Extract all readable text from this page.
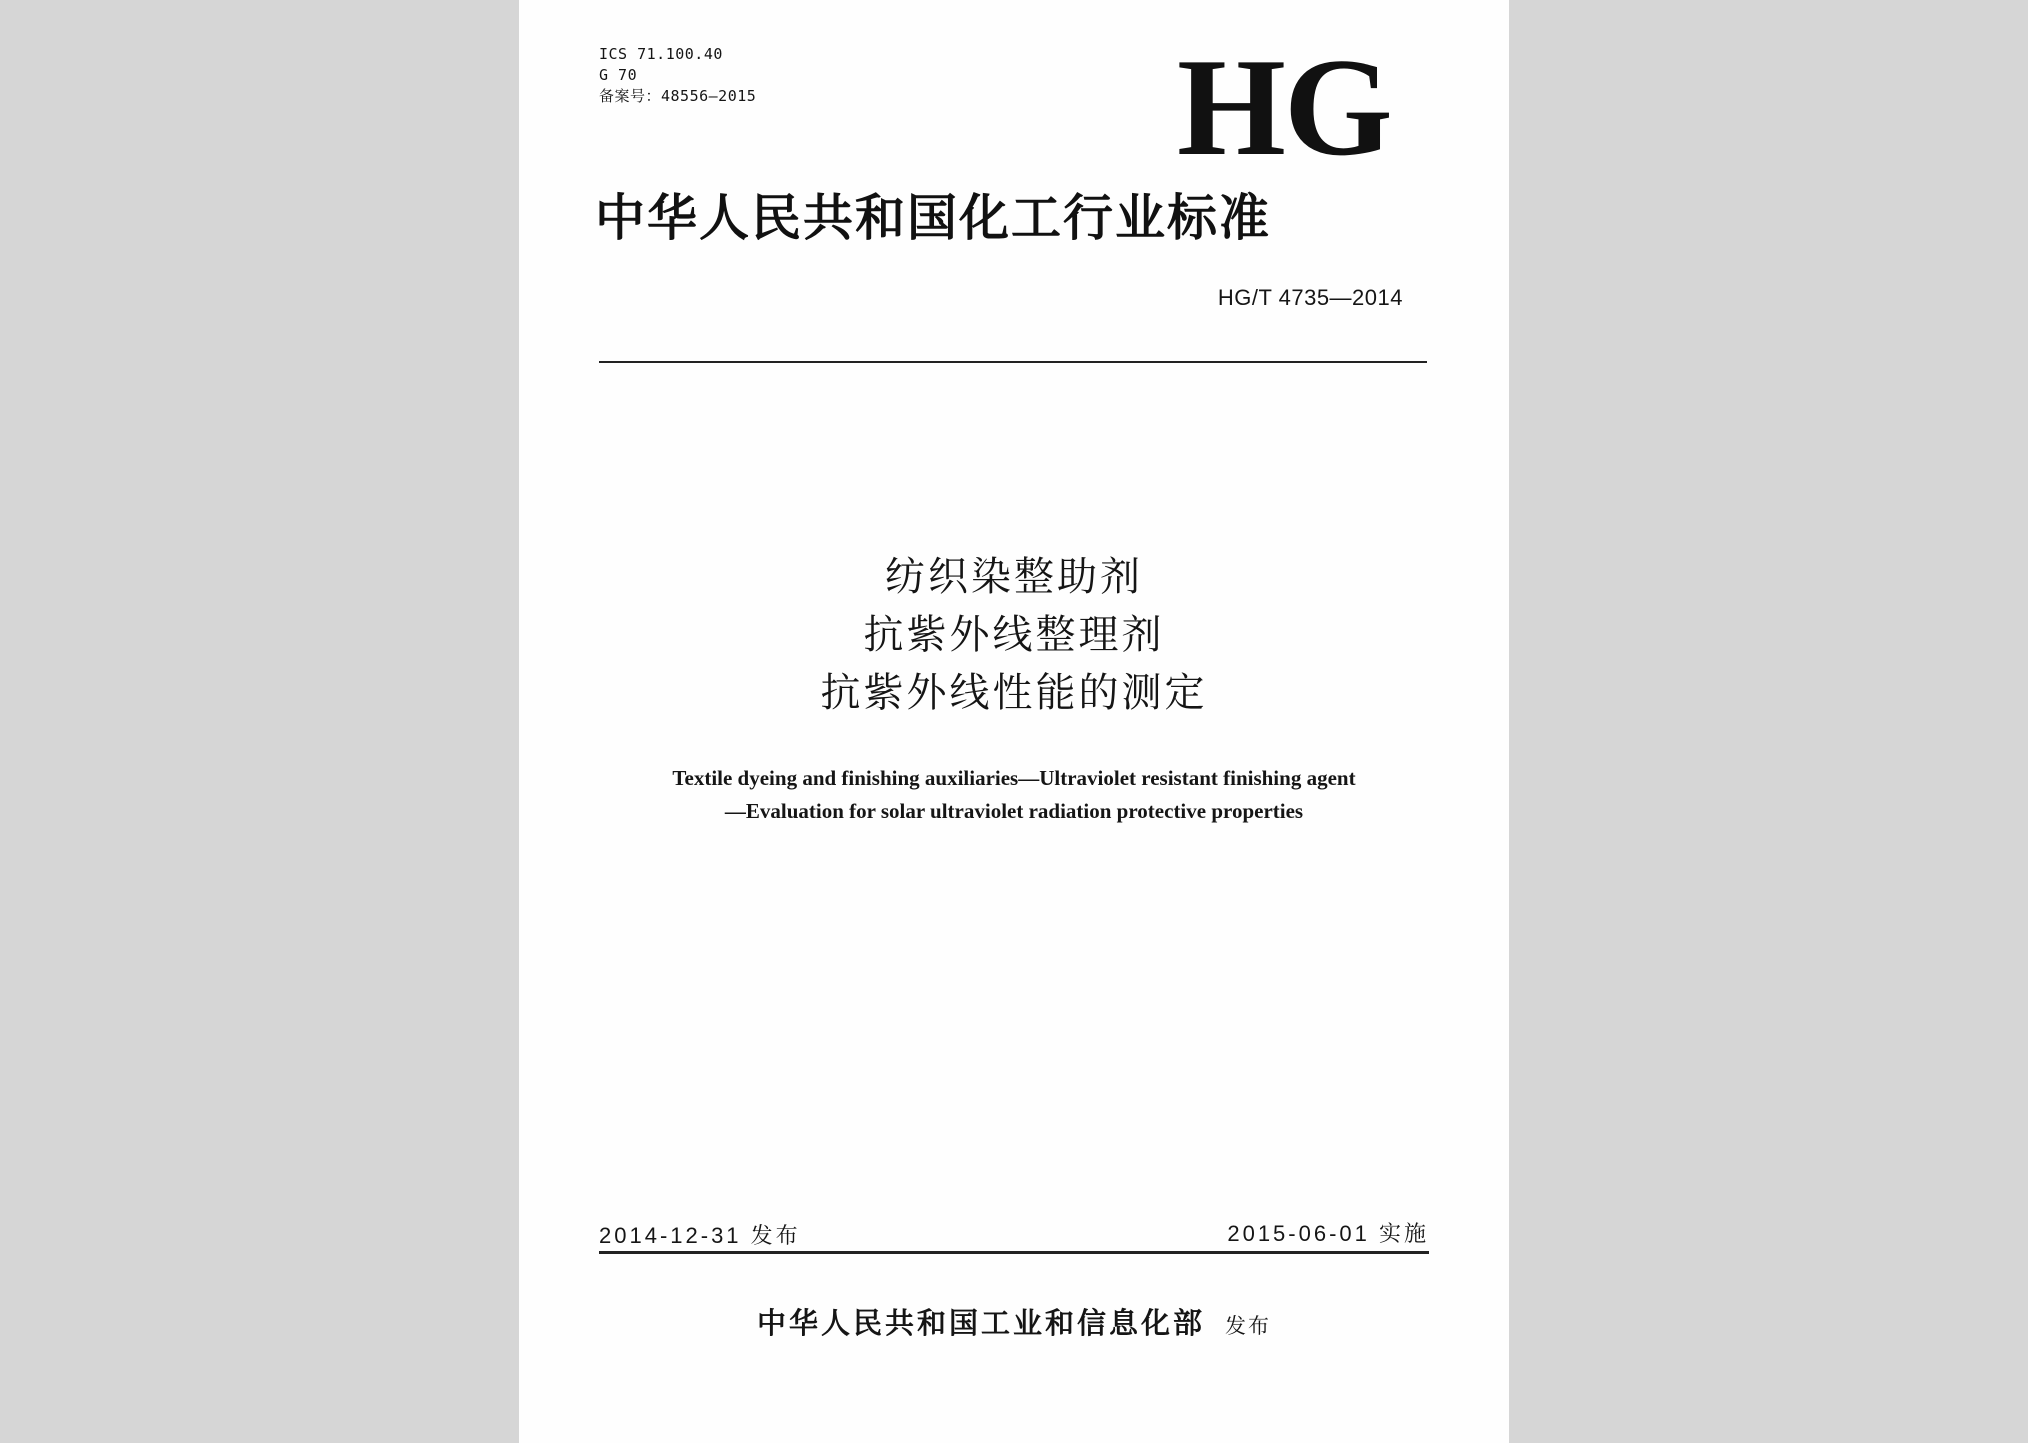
ICS 71.100.40
G 70
备案号：48556—2015	HG
中华人民共和国化工行业标准
HG/T 4735—2014
纺织染整助剂
抗紫外线整理剂
抗紫外线性能的测定
Textile dyeing and finishing auxiliaries—Ultraviolet resistant finishing agent
—Evaluation for solar ultraviolet radiation protective properties
2014-12-31 发布	2015-06-01 实施
中华人民共和国工业和信息化部 发布
